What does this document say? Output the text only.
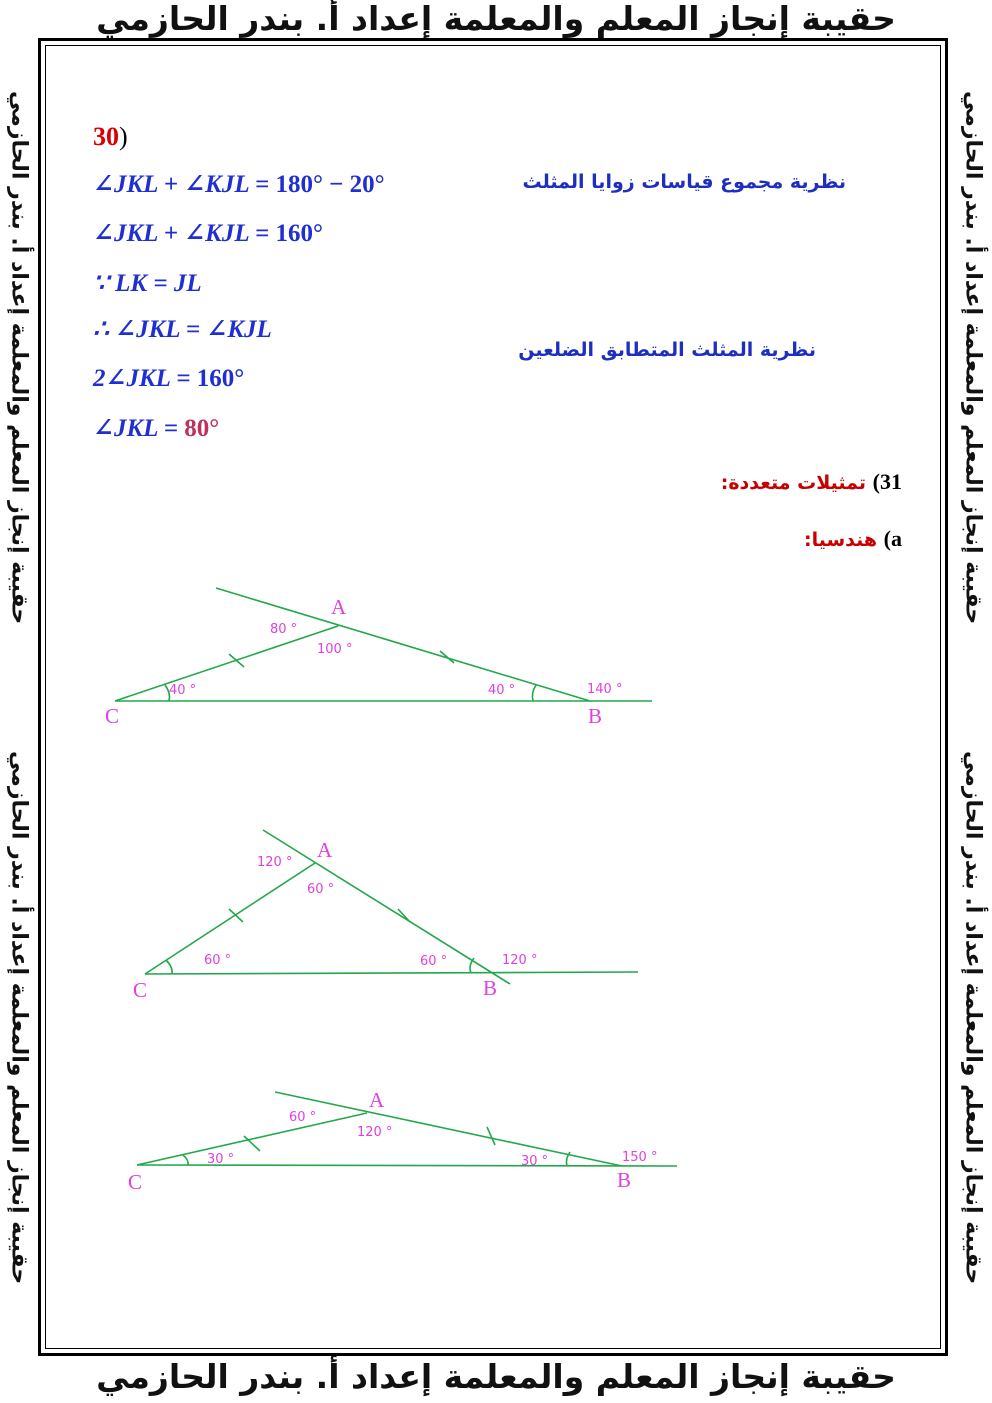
حقيبة إنجاز المعلم والمعلمة إعداد أ. بندر الحازمي
حقيبة إنجاز المعلم والمعلمة إعداد أ. بندر الحازمي
حقيبة إنجاز المعلم والمعلمة إعداد أ. بندر الحازمي
حقيبة إنجاز المعلم والمعلمة إعداد أ. بندر الحازمي
حقيبة إنجاز المعلم والمعلمة إعداد أ. بندر الحازمي
حقيبة إنجاز المعلم والمعلمة إعداد أ. بندر الحازمي
30)
∠JKL + ∠KJL = 180° − 20°
∠JKL + ∠KJL = 160°
∵ LK = JL
∴ ∠JKL = ∠KJL
2∠JKL = 160°
∠JKL = 80°
نظرية مجموع قياسات زوايا المثلث
نظرية المثلث المتطابق الضلعين
31) تمثيلات متعددة:
a) هندسيا:
A
C	B
80 °
100 °
40 °	40 °	140 °
A
C	B
120 °
60 °
60 °	60 °	120 °
A
C	B
60 °
120 °
30 °	30 °	150 °
